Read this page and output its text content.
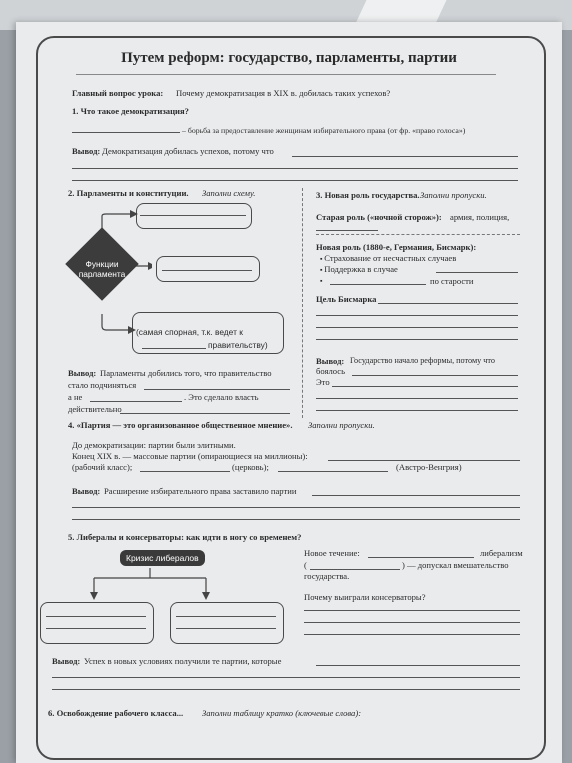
Путем реформ: государство, парламенты, партии
Главный вопрос урока: Почему демократизация в XIX в. добилась таких успехов?
1. Что такое демократизация?
– борьба за предоставление женщинам избирательного права (от фр. «право голоса»)
Вывод: Демократизация добилась успехов, потому что
2. Парламенты и конституции. Заполни схему.
(самая спорная, т.к. ведет к
правительству)
Функции парламента
Вывод: Парламенты добились того, что правительство
стало подчиняться
а не	. Это сделало власть
действительно
3. Новая роль государства. Заполни пропуски.
Старая роль («ночной сторож»): армия, полиция,
Новая роль (1880-е, Германия, Бисмарк):
▪ Страхование от несчастных случаев
▪ Поддержка в случае
▪
по старости
Цель Бисмарка
Вывод: Государство начало реформы, потому что
боялось
Это
4. «Партия — это организованное общественное мнение». Заполни пропуски.
До демократизации: партии были элитными.
Конец XIX в. — массовые партии (опирающиеся на миллионы):
(рабочий класс);	(церковь);	(Австро-Венгрия)
Вывод: Расширение избирательного права заставило партии
5. Либералы и консерваторы: как идти в ногу со временем?
Кризис либералов	Новое течение:	либерализм
(	) — допускал вмешательство
государства.
Почему выиграли консерваторы?
Вывод: Успех в новых условиях получили те партии, которые
6. Освобождение рабочего класса... Заполни таблицу кратко (ключевые слова):
